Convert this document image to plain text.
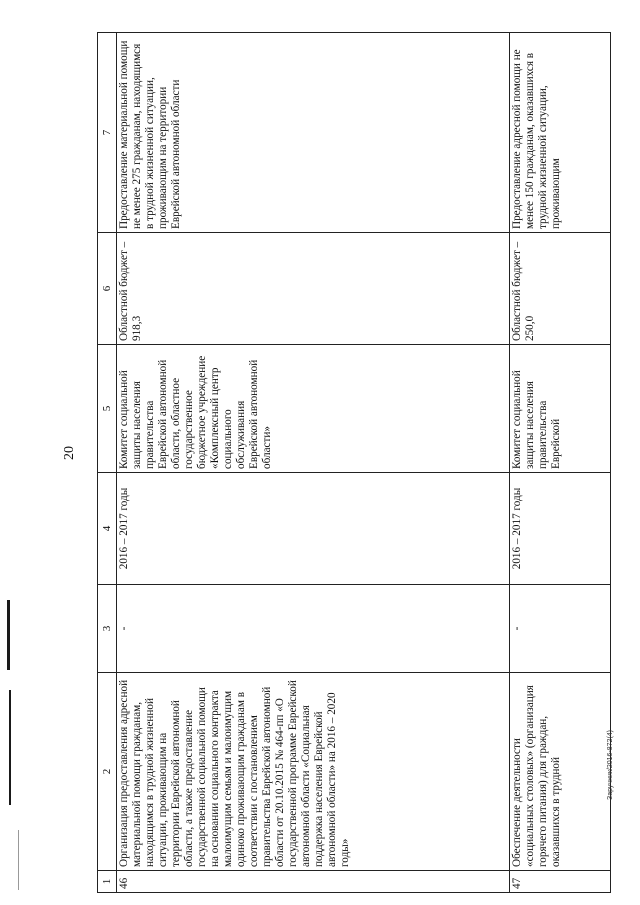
20
1	2	3	4	5	6	7
46	Организация предоставления адресной материальной помощи гражданам, находящимся в трудной жизненной ситуации, проживающим на территории Еврейской автономной области, а также предоставление государственной социальной помощи на основании социального контракта малоимущим семьям и малоимущим одиноко проживающим гражданам в соответствии с постановлением правительства Еврейской автономной области от 20.10.2015 № 464-пп «О государственной программе Еврейской автономной области «Социальная поддержка населения Еврейской автономной области» на 2016 – 2020 годы»	-	2016 – 2017 годы	Комитет социальной защиты населения правительства Еврейской автономной области, областное государственное бюджетное учреждение «Комплексный центр социального обслуживания Еврейской автономной области»	Областной бюджет – 918,3	Предоставление материальной помощи не менее 275 гражданам, находящимся в трудной жизненной ситуации, проживающим на территории Еврейской автономной области
47	Обеспечение деятельности «социальных столовых» (организация горячего питания) для граждан, оказавшихся в трудной	-	2016 – 2017 годы	Комитет социальной защиты населения правительства Еврейской	Областной бюджет – 250,0	Предоставление адресной помощи не менее 150 гражданам, оказавшихся в трудной жизненной ситуации, проживающим
Заручник/2016-872(4)
